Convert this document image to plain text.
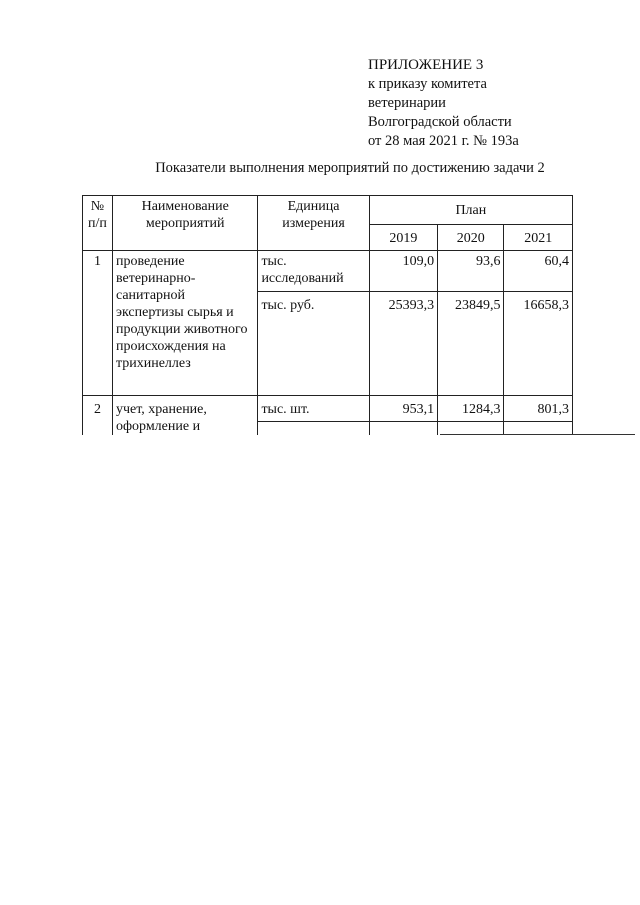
ПРИЛОЖЕНИЕ 3
к приказу комитета
ветеринарии
Волгоградской области
от 28 мая 2021 г. № 193а
Показатели выполнения мероприятий по достижению задачи 2
№ п/п	Наименование мероприятий	Единица измерения	План		
			2019	2020	2021
1	проведение ветеринарно-санитарной экспертизы сырья и продукции животного происхождения на трихинеллез	тыс. исследований	109,0	93,6	60,4
		тыс. руб.	25393,3	23849,5	16658,3
2	учет, хранение, оформление и	тыс. шт.	953,1	1284,3	801,3
